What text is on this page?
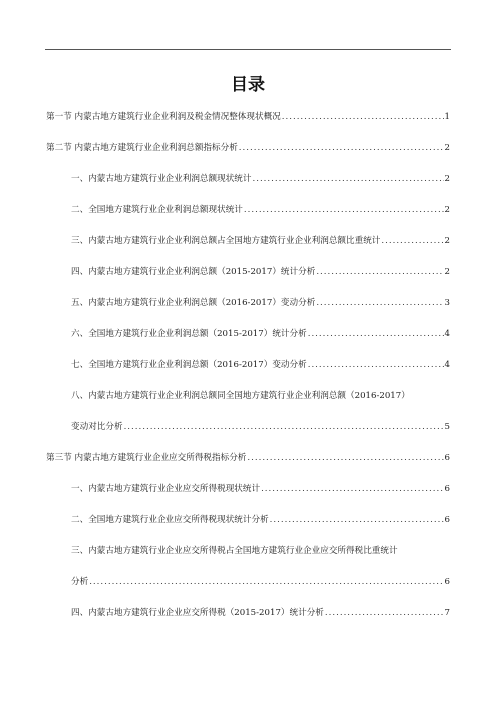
目录
第一节 内蒙古地方建筑行业企业利润及税金情况整体现状概况 .....	1
第二节 内蒙古地方建筑行业企业利润总额指标分析 .....	2
一、内蒙古地方建筑行业企业利润总额现状统计 .....	2
二、全国地方建筑行业企业利润总额现状统计 .....	2
三、内蒙古地方建筑行业企业利润总额占全国地方建筑行业企业利润总额比重统计 .....	2
四、内蒙古地方建筑行业企业利润总额（2015-2017）统计分析 .....	2
五、内蒙古地方建筑行业企业利润总额（2016-2017）变动分析 .....	3
六、全国地方建筑行业企业利润总额（2015-2017）统计分析 .....	4
七、全国地方建筑行业企业利润总额（2016-2017）变动分析 .....	4
八、内蒙古地方建筑行业企业利润总额同全国地方建筑行业企业利润总额（2016-2017）
变动对比分析 .....	5
第三节 内蒙古地方建筑行业企业应交所得税指标分析 .....	6
一、内蒙古地方建筑行业企业应交所得税现状统计 .....	6
二、全国地方建筑行业企业应交所得税现状统计分析 .....	6
三、内蒙古地方建筑行业企业应交所得税占全国地方建筑行业企业应交所得税比重统计
分析 .....	6
四、内蒙古地方建筑行业企业应交所得税（2015-2017）统计分析 .....	7
